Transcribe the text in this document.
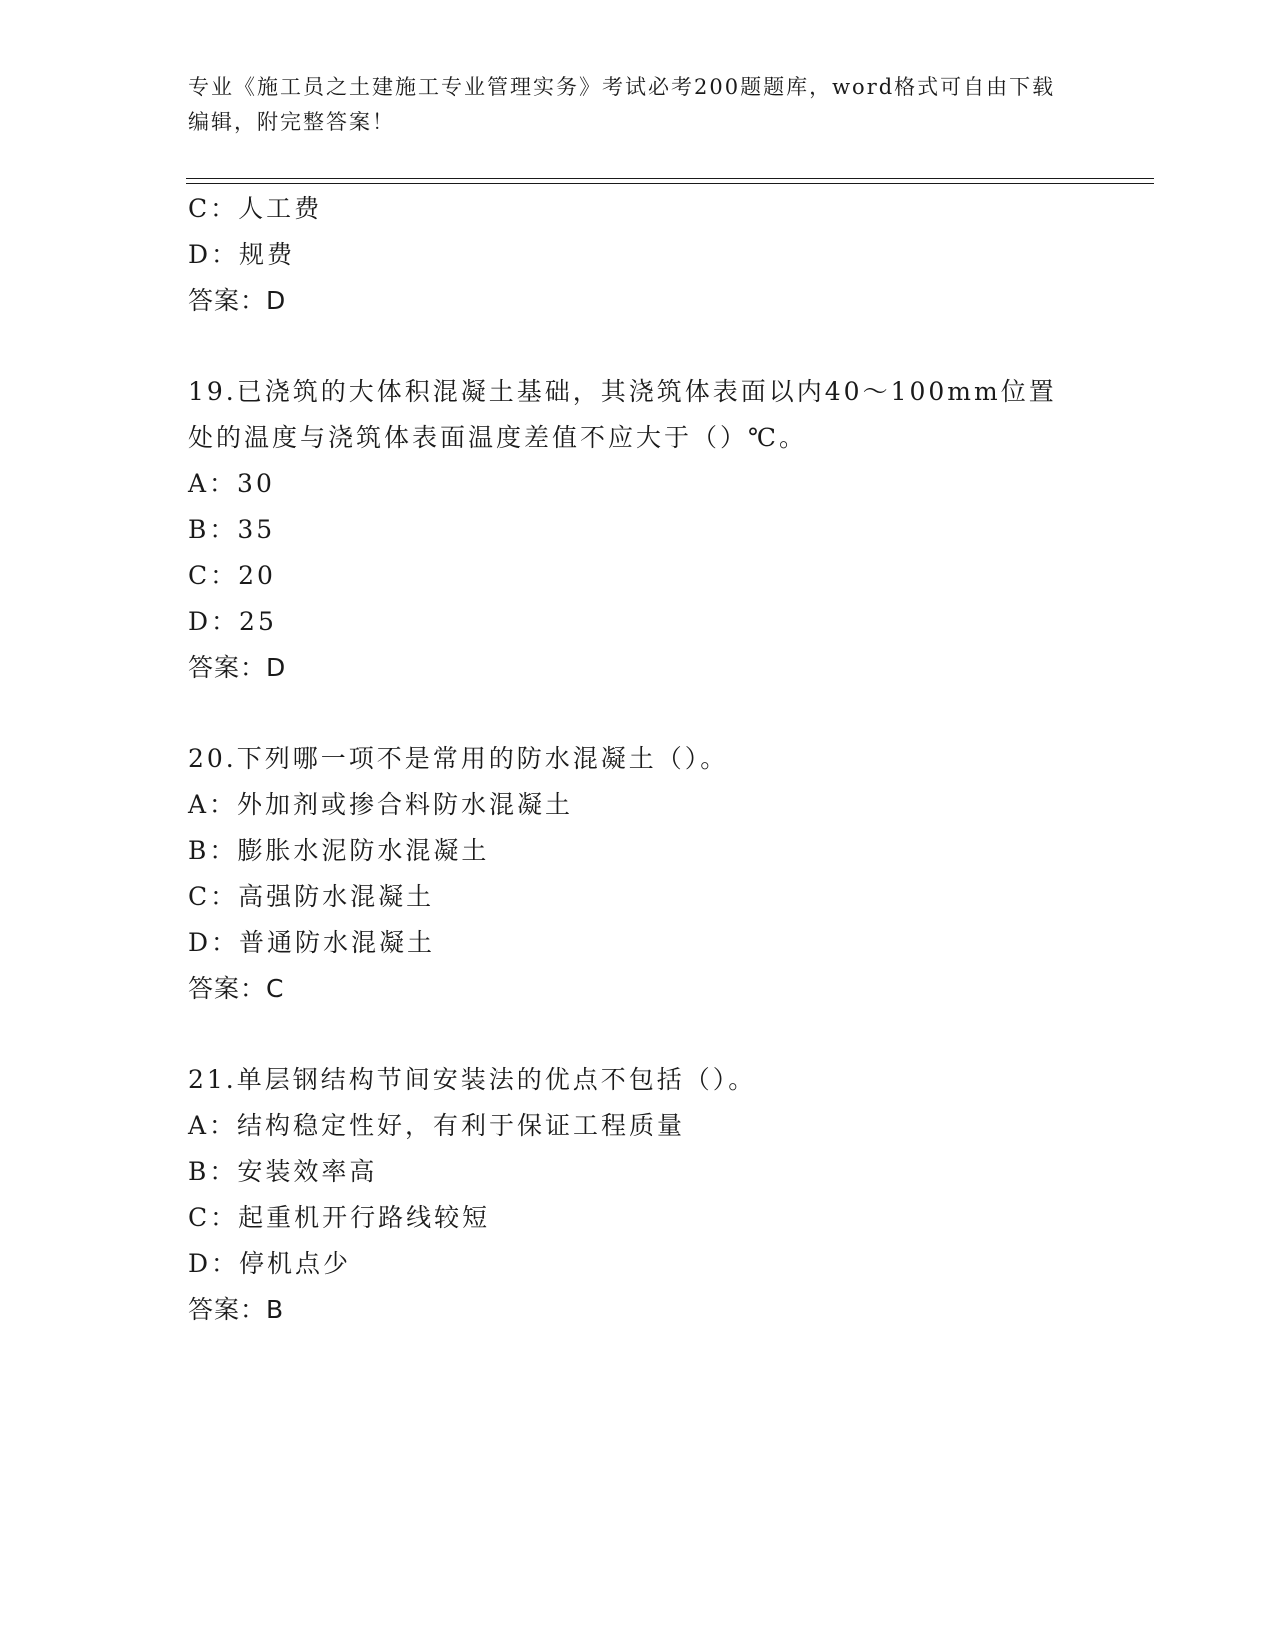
专业《施工员之土建施工专业管理实务》考试必考200题题库，word格式可自由下载编辑，附完整答案！
C：人工费
D：规费
答案：D
19.已浇筑的大体积混凝土基础，其浇筑体表面以内40～100mm位置处的温度与浇筑体表面温度差值不应大于（）℃。
A：30
B：35
C：20
D：25
答案：D
20.下列哪一项不是常用的防水混凝土（）。
A：外加剂或掺合料防水混凝土
B：膨胀水泥防水混凝土
C：高强防水混凝土
D：普通防水混凝土
答案：C
21.单层钢结构节间安装法的优点不包括（）。
A：结构稳定性好，有利于保证工程质量
B：安装效率高
C：起重机开行路线较短
D：停机点少
答案：B
